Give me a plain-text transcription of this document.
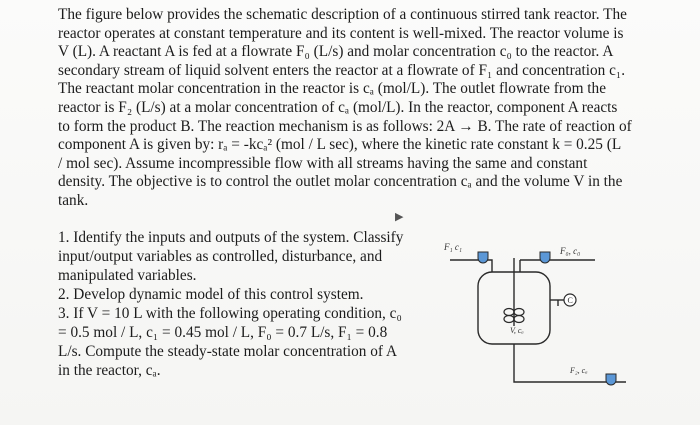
The figure below provides the schematic description of a continuous stirred tank reactor. The

reactor operates at constant temperature and its content is well-mixed. The reactor volume is

V (L). A reactant A is fed at a flowrate F₀ (L/s) and molar concentration c₀ to the reactor. A

secondary stream of liquid solvent enters the reactor at a flowrate of F₁ and concentration c₁.

The reactant molar concentration in the reactor is cₐ (mol/L). The outlet flowrate from the

reactor is F₂ (L/s) at a molar concentration of cₐ (mol/L). In the reactor, component A reacts

to form the product B. The reaction mechanism is as follows: 2A → B. The rate of reaction of

component A is given by: rₐ = -kcₐ² (mol / L sec), where the kinetic rate constant k = 0.25 (L

/ mol sec). Assume incompressible flow with all streams having the same and constant

density. The objective is to control the outlet molar concentration cₐ and the volume V in the

tank.

▶

1. Identify the inputs and outputs of the system. Classify

input/output variables as controlled, disturbance, and

manipulated variables.

2. Develop dynamic model of this control system.

3. If V = 10 L with the following operating condition, c₀

= 0.5 mol / L, c₁ = 0.45 mol / L, F₀ = 0.7 L/s, F₁ = 0.8

L/s. Compute the steady-state molar concentration of A

in the reactor, cₐ.

C
F₁ c₁	F₀, c₀
V, cₐ
F₂, cₐ
